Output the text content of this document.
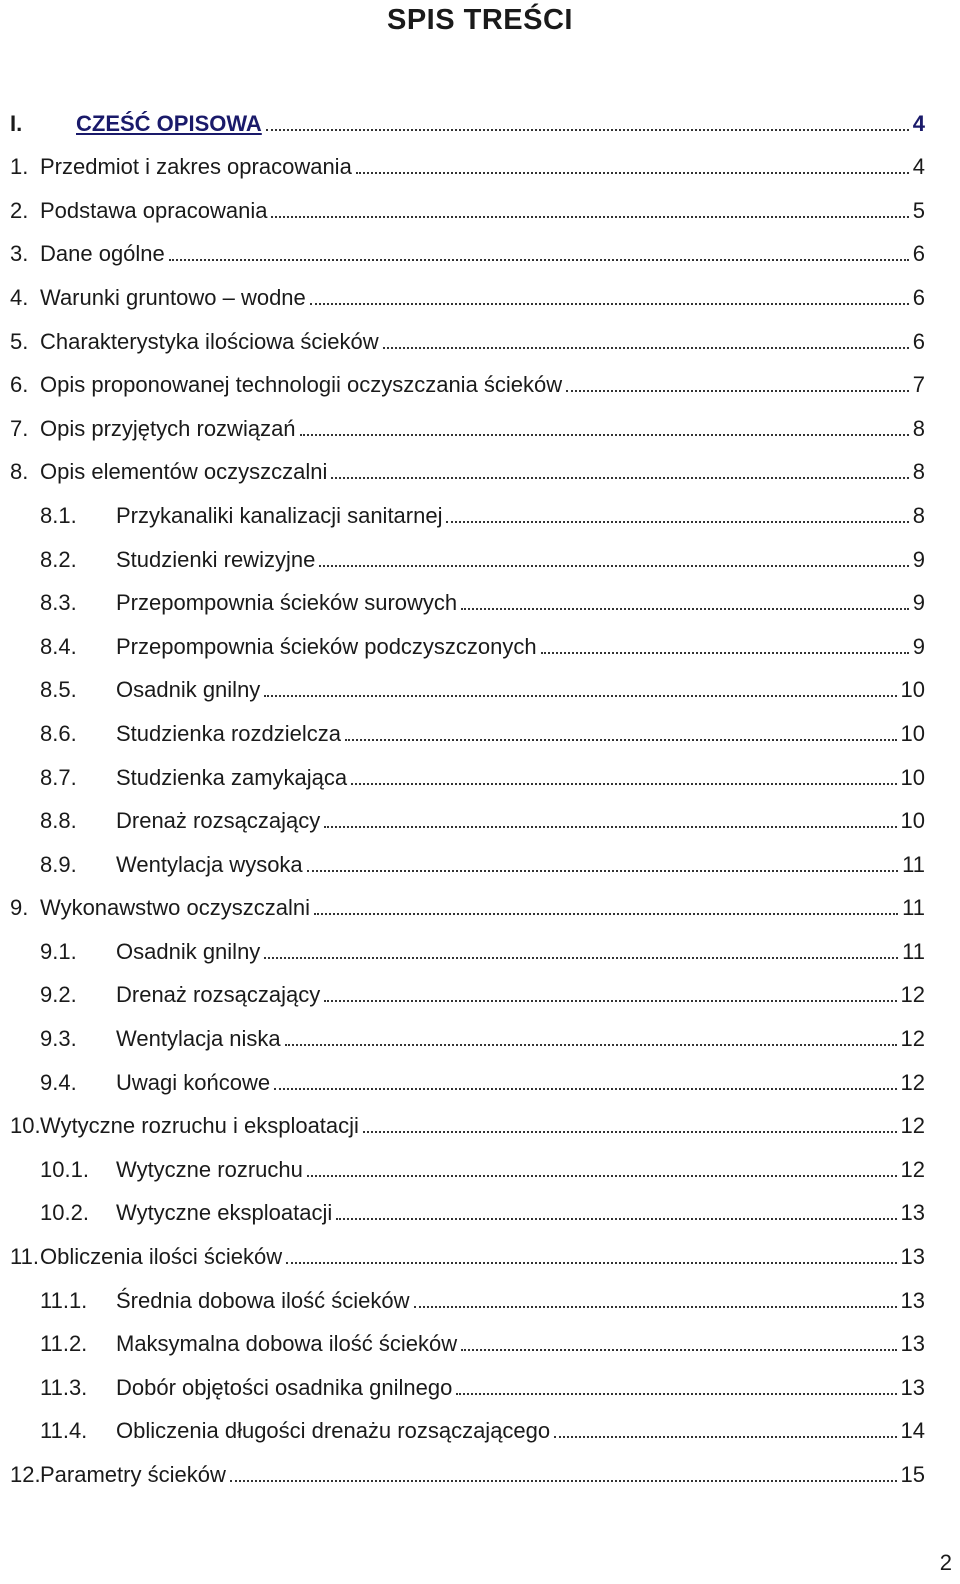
SPIS TREŚCI
I.	CZEŚĆ OPISOWA	4
1. Przedmiot i zakres opracowania	4
2. Podstawa opracowania	5
3. Dane ogólne	6
4. Warunki gruntowo – wodne	6
5. Charakterystyka ilościowa ścieków	6
6. Opis proponowanej technologii oczyszczania ścieków	7
7. Opis przyjętych rozwiązań	8
8. Opis elementów oczyszczalni	8
8.1.	Przykanaliki kanalizacji sanitarnej	8
8.2.	Studzienki rewizyjne	9
8.3.	Przepompownia ścieków surowych	9
8.4.	Przepompownia ścieków podczyszczonych	9
8.5.	Osadnik gnilny	10
8.6.	Studzienka rozdzielcza	10
8.7.	Studzienka zamykająca	10
8.8.	Drenaż rozsączający	10
8.9.	Wentylacja wysoka	11
9. Wykonawstwo oczyszczalni	11
9.1.	Osadnik gnilny	11
9.2.	Drenaż rozsączający	12
9.3.	Wentylacja niska	12
9.4.	Uwagi końcowe	12
10. Wytyczne rozruchu i eksploatacji	12
10.1.	Wytyczne rozruchu	12
10.2.	Wytyczne eksploatacji	13
11. Obliczenia ilości ścieków	13
11.1.	Średnia dobowa ilość ścieków	13
11.2.	Maksymalna dobowa ilość ścieków	13
11.3.	Dobór objętości osadnika gnilnego	13
11.4.	Obliczenia długości drenażu rozsączającego	14
12. Parametry ścieków	15
2
